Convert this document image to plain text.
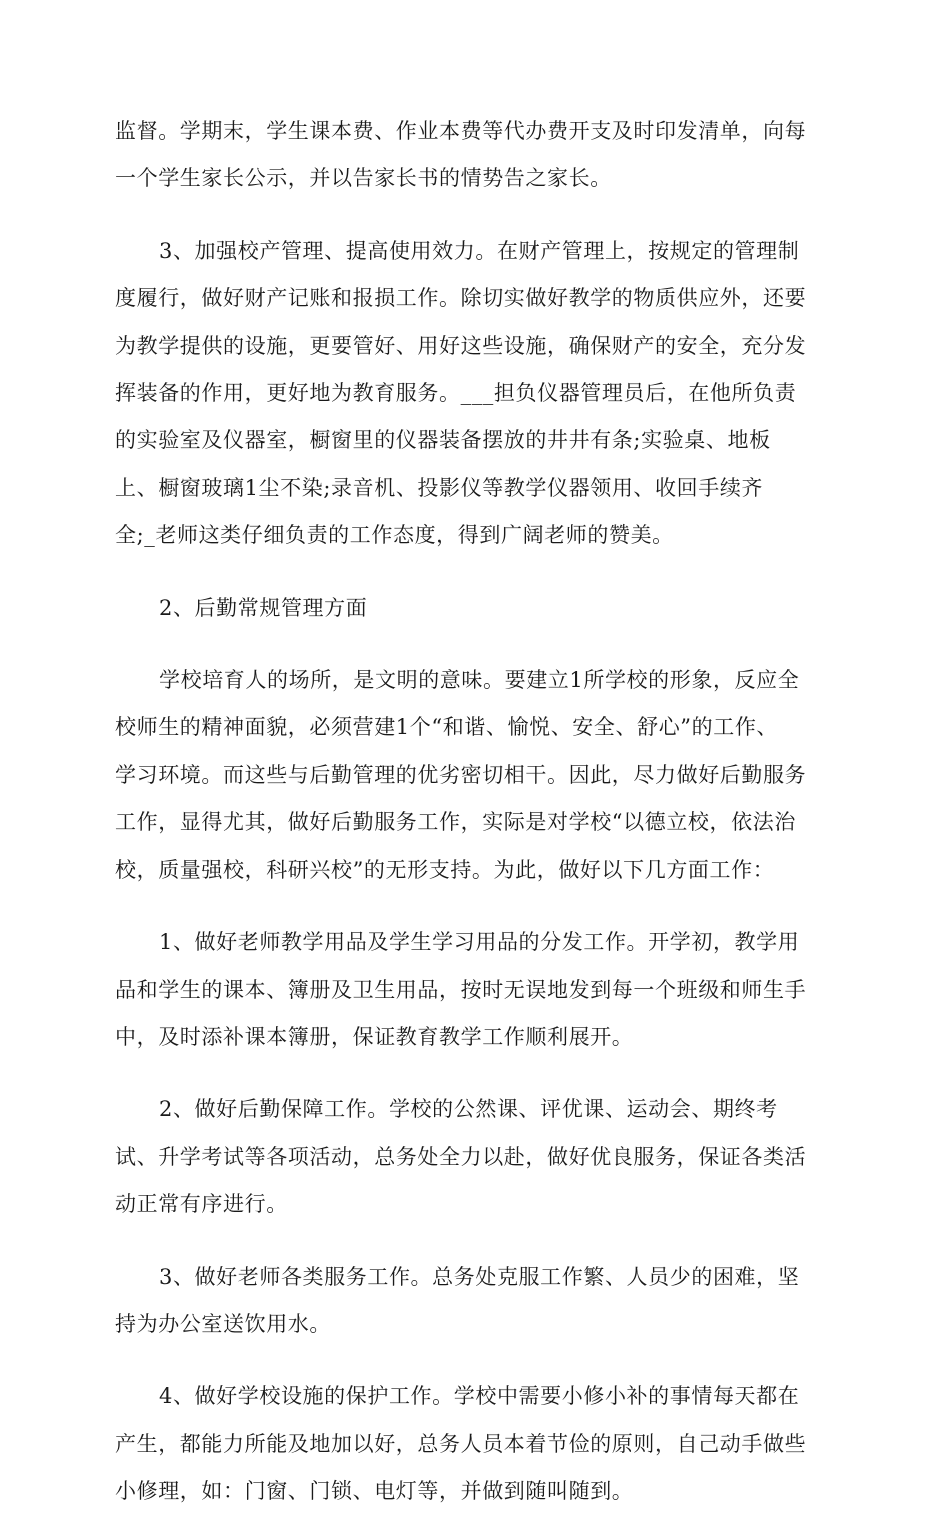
监督。学期末，学生课本费、作业本费等代办费开支及时印发清单，向每
一个学生家长公示，并以告家长书的情势告之家长。
3、加强校产管理、提高使用效力。在财产管理上，按规定的管理制
度履行，做好财产记账和报损工作。除切实做好教学的物质供应外，还要
为教学提供的设施，更要管好、用好这些设施，确保财产的安全，充分发
挥装备的作用，更好地为教育服务。___担负仪器管理员后，在他所负责
的实验室及仪器室，橱窗里的仪器装备摆放的井井有条;实验桌、地板
上、橱窗玻璃1尘不染;录音机、投影仪等教学仪器领用、收回手续齐
全;_老师这类仔细负责的工作态度，得到广阔老师的赞美。
2、后勤常规管理方面
学校培育人的场所，是文明的意味。要建立1所学校的形象，反应全
校师生的精神面貌，必须营建1个“和谐、愉悦、安全、舒心”的工作、
学习环境。而这些与后勤管理的优劣密切相干。因此，尽力做好后勤服务
工作，显得尤其，做好后勤服务工作，实际是对学校“以德立校，依法治
校，质量强校，科研兴校”的无形支持。为此，做好以下几方面工作：
1、做好老师教学用品及学生学习用品的分发工作。开学初，教学用
品和学生的课本、簿册及卫生用品，按时无误地发到每一个班级和师生手
中，及时添补课本簿册，保证教育教学工作顺利展开。
2、做好后勤保障工作。学校的公然课、评优课、运动会、期终考
试、升学考试等各项活动，总务处全力以赴，做好优良服务，保证各类活
动正常有序进行。
3、做好老师各类服务工作。总务处克服工作繁、人员少的困难，坚
持为办公室送饮用水。
4、做好学校设施的保护工作。学校中需要小修小补的事情每天都在
产生，都能力所能及地加以好，总务人员本着节俭的原则，自己动手做些
小修理，如：门窗、门锁、电灯等，并做到随叫随到。
